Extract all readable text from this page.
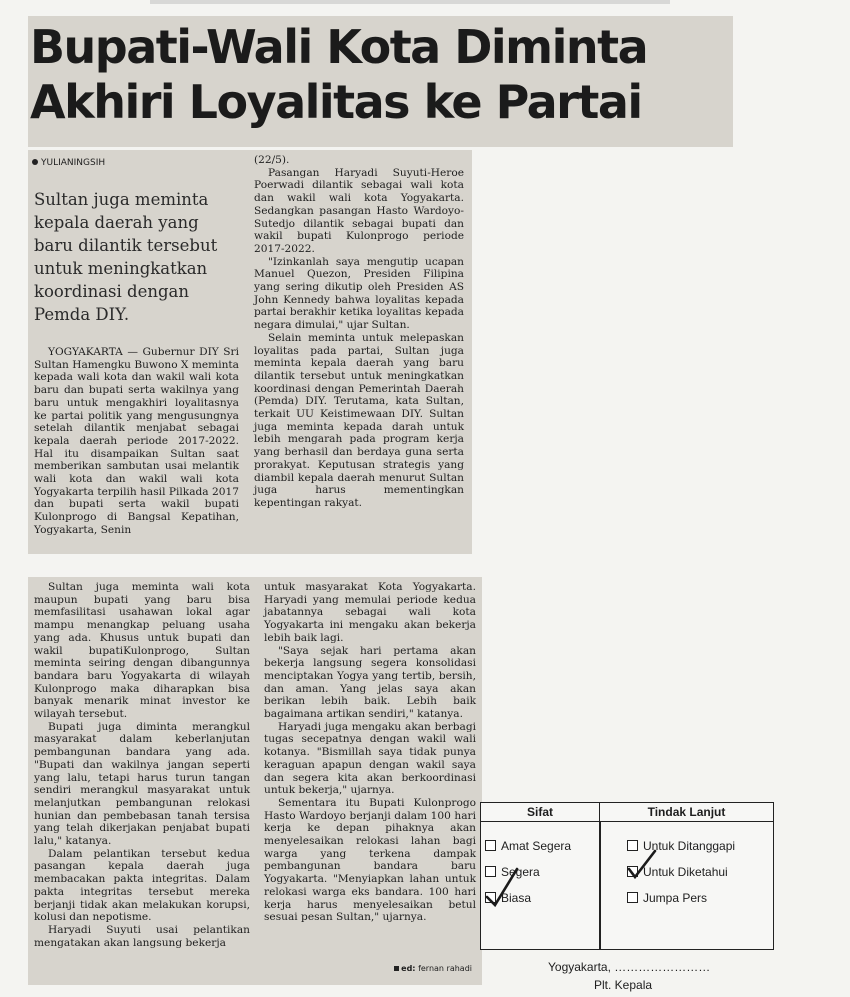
Bupati-Wali Kota Diminta
Akhiri Loyalitas ke Partai
YULIANINGSIH

Sultan juga meminta kepala daerah yang baru dilantik tersebut untuk meningkatkan koordinasi dengan Pemda DIY.

YOGYAKARTA — Gubernur DIY Sri Sultan Hamengku Buwono X meminta kepada wali kota dan wakil wali kota baru dan bupati serta wakilnya yang baru untuk mengakhiri loyalitasnya ke partai politik yang mengusungnya setelah dilantik menjabat sebagai kepala daerah periode 2017-2022. Hal itu disampaikan Sultan saat memberikan sambutan usai melantik wali kota dan wakil wali kota Yogyakarta terpilih hasil Pilkada 2017 dan bupati serta wakil bupati Kulonprogo di Bangsal Kepatihan, Yogyakarta, Senin

(22/5).

Pasangan Haryadi Suyuti-Heroe Poerwadi dilantik sebagai wali kota dan wakil wali kota Yogyakarta. Sedangkan pasangan Hasto Wardoyo-Sutedjo dilantik sebagai bupati dan wakil bupati Kulonprogo periode 2017-2022.

"Izinkanlah saya mengutip ucapan Manuel Quezon, Presiden Filipina yang sering dikutip oleh Presiden AS John Kennedy bahwa loyalitas kepada partai berakhir ketika loyalitas kepada negara dimulai," ujar Sultan.

Selain meminta untuk melepaskan loyalitas pada partai, Sultan juga meminta kepala daerah yang baru dilantik tersebut untuk meningkatkan koordinasi dengan Pemerintah Daerah (Pemda) DIY. Terutama, kata Sultan, terkait UU Keistimewaan DIY. Sultan juga meminta kepada darah untuk lebih mengarah pada program kerja yang berhasil dan berdaya guna serta prorakyat. Keputusan strategis yang diambil kepala daerah menurut Sultan juga harus mementingkan kepentingan rakyat.

Sultan juga meminta wali kota maupun bupati yang baru bisa memfasilitasi usahawan lokal agar mampu menangkap peluang usaha yang ada. Khusus untuk bupati dan wakil bupatiKulonprogo, Sultan meminta seiring dengan dibangunnya bandara baru Yogyakarta di wilayah Kulonprogo maka diharapkan bisa banyak menarik minat investor ke wilayah tersebut.

Bupati juga diminta merangkul masyarakat dalam keberlanjutan pembangunan bandara yang ada. "Bupati dan wakilnya jangan seperti yang lalu, tetapi harus turun tangan sendiri merangkul masyarakat untuk melanjutkan pembangunan relokasi hunian dan pembebasan tanah tersisa yang telah dikerjakan penjabat bupati lalu," katanya.

Dalam pelantikan tersebut kedua pasangan kepala daerah juga membacakan pakta integritas. Dalam pakta integritas tersebut mereka berjanji tidak akan melakukan korupsi, kolusi dan nepotisme.

Haryadi Suyuti usai pelantikan mengatakan akan langsung bekerja

untuk masyarakat Kota Yogyakarta. Haryadi yang memulai periode kedua jabatannya sebagai wali kota Yogyakarta ini mengaku akan bekerja lebih baik lagi.

"Saya sejak hari pertama akan bekerja langsung segera konsolidasi menciptakan Yogya yang tertib, bersih, dan aman. Yang jelas saya akan berikan lebih baik. Lebih baik bagaimana artikan sendiri," katanya.

Haryadi juga mengaku akan berbagi tugas secepatnya dengan wakil wali kotanya. "Bismillah saya tidak punya keraguan apapun dengan wakil saya dan segera kita akan berkoordinasi untuk bekerja," ujarnya.

Sementara itu Bupati Kulonprogo Hasto Wardoyo berjanji dalam 100 hari kerja ke depan pihaknya akan menyelesaikan relokasi lahan bagi warga yang terkena dampak pembangunan bandara baru Yogyakarta. "Menyiapkan lahan untuk relokasi warga eks bandara. 100 hari kerja harus menyelesaikan betul sesuai pesan Sultan," ujarnya.

ed: fernan rahadi
Sifat	Tindak Lanjut
Amat Segera
Segera
Biasa
Untuk Ditanggapi
Untuk Diketahui
Jumpa Pers
Yogyakarta, ……………………
Plt. Kepala
